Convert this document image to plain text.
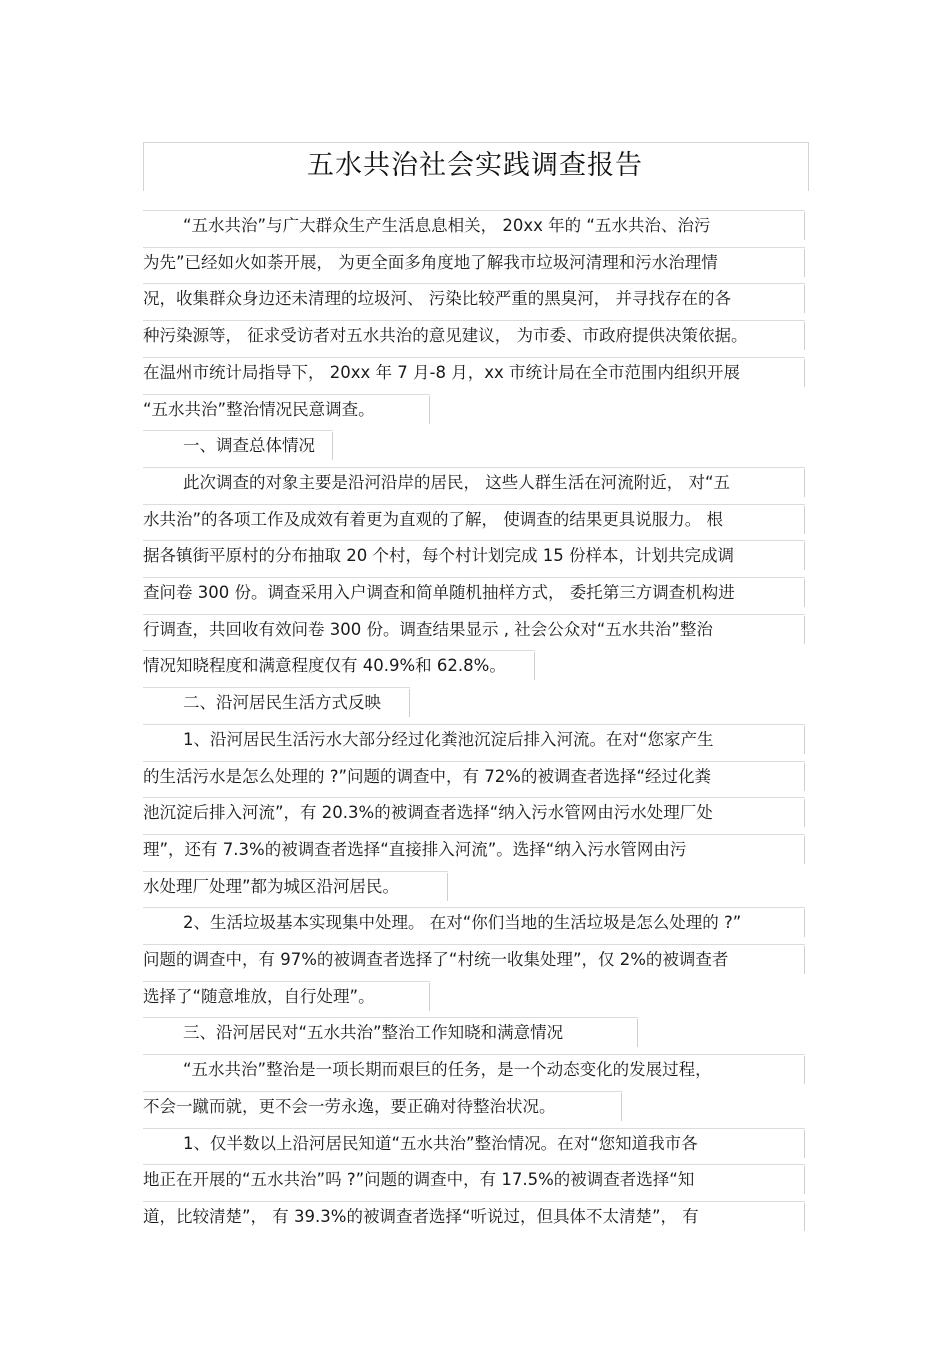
五水共治社会实践调查报告
“五水共治”与广大群众生产生活息息相关， 20xx 年的 “五水共治、治污
为先”已经如火如荼开展， 为更全面多角度地了解我市垃圾河清理和污水治理情
况，收集群众身边还未清理的垃圾河、 污染比较严重的黑臭河， 并寻找存在的各
种污染源等， 征求受访者对五水共治的意见建议， 为市委、市政府提供决策依据。
在温州市统计局指导下， 20xx 年 7 月-8 月，xx 市统计局在全市范围内组织开展
“五水共治”整治情况民意调查。
一、调查总体情况
此次调查的对象主要是沿河沿岸的居民， 这些人群生活在河流附近， 对“五
水共治”的各项工作及成效有着更为直观的了解， 使调查的结果更具说服力。 根
据各镇街平原村的分布抽取 20 个村，每个村计划完成 15 份样本，计划共完成调
查问卷 300 份。调查采用入户调查和简单随机抽样方式， 委托第三方调查机构进
行调查，共回收有效问卷 300 份。调查结果显示 , 社会公众对“五水共治”整治
情况知晓程度和满意程度仅有 40.9%和 62.8%。
二、沿河居民生活方式反映
1、沿河居民生活污水大部分经过化粪池沉淀后排入河流。在对“您家产生
的生活污水是怎么处理的 ?”问题的调查中，有 72%的被调查者选择“经过化粪
池沉淀后排入河流”，有 20.3%的被调查者选择“纳入污水管网由污水处理厂处
理”，还有 7.3%的被调查者选择“直接排入河流”。选择“纳入污水管网由污
水处理厂处理”都为城区沿河居民。
2、生活垃圾基本实现集中处理。 在对“你们当地的生活垃圾是怎么处理的 ?”
问题的调查中，有 97%的被调查者选择了“村统一收集处理”，仅 2%的被调查者
选择了“随意堆放，自行处理”。
三、沿河居民对“五水共治”整治工作知晓和满意情况
“五水共治”整治是一项长期而艰巨的任务，是一个动态变化的发展过程，
不会一蹴而就，更不会一劳永逸，要正确对待整治状况。
1、仅半数以上沿河居民知道“五水共治”整治情况。在对“您知道我市各
地正在开展的“五水共治”吗 ?”问题的调查中，有 17.5%的被调查者选择“知
道，比较清楚”， 有 39.3%的被调查者选择“听说过，但具体不太清楚”， 有
